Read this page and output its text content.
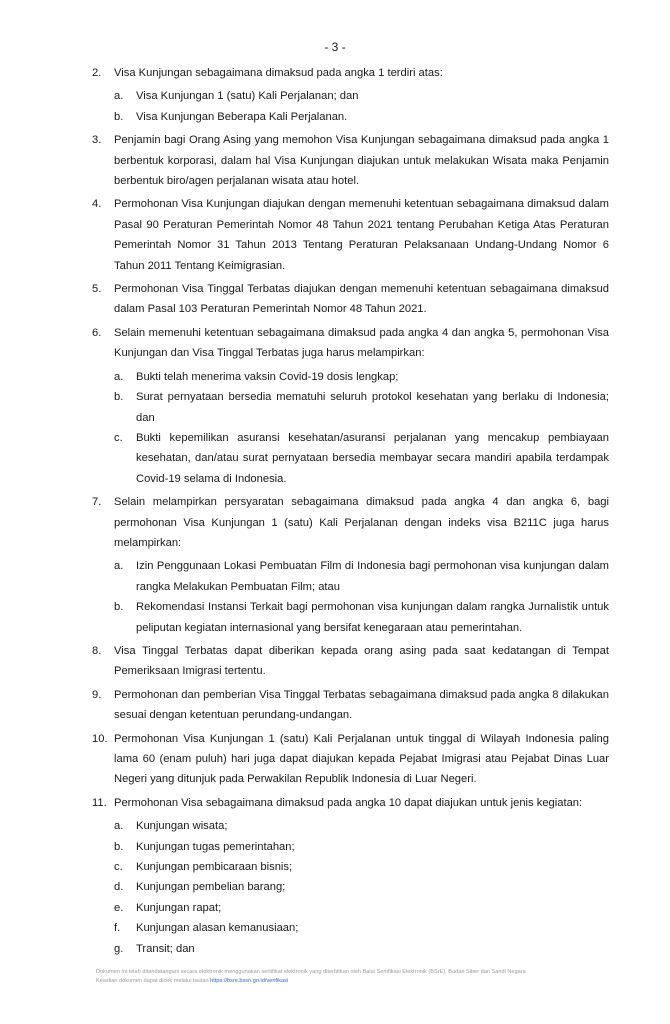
- 3 -
2.	Visa Kunjungan sebagaimana dimaksud pada angka 1 terdiri atas:
a.	Visa Kunjungan 1 (satu) Kali Perjalanan; dan
b.	Visa Kunjungan Beberapa Kali Perjalanan.
3.	Penjamin bagi Orang Asing yang memohon Visa Kunjungan sebagaimana dimaksud pada angka 1 berbentuk korporasi, dalam hal Visa Kunjungan diajukan untuk melakukan Wisata maka Penjamin berbentuk biro/agen perjalanan wisata atau hotel.
4.	Permohonan Visa Kunjungan diajukan dengan memenuhi ketentuan sebagaimana dimaksud dalam Pasal 90 Peraturan Pemerintah Nomor 48 Tahun 2021 tentang Perubahan Ketiga Atas Peraturan Pemerintah Nomor 31 Tahun 2013 Tentang Peraturan Pelaksanaan Undang-Undang Nomor 6 Tahun 2011 Tentang Keimigrasian.
5.	Permohonan Visa Tinggal Terbatas diajukan dengan memenuhi ketentuan sebagaimana dimaksud dalam Pasal 103 Peraturan Pemerintah Nomor 48 Tahun 2021.
6.	Selain memenuhi ketentuan sebagaimana dimaksud pada angka 4 dan angka 5, permohonan Visa Kunjungan dan Visa Tinggal Terbatas juga harus melampirkan:
a.	Bukti telah menerima vaksin Covid-19 dosis lengkap;
b.	Surat pernyataan bersedia mematuhi seluruh protokol kesehatan yang berlaku di Indonesia; dan
c.	Bukti kepemilikan asuransi kesehatan/asuransi perjalanan yang mencakup pembiayaan kesehatan, dan/atau surat pernyataan bersedia membayar secara mandiri apabila terdampak Covid-19 selama di Indonesia.
7.	Selain melampirkan persyaratan sebagaimana dimaksud pada angka 4 dan angka 6, bagi permohonan Visa Kunjungan 1 (satu) Kali Perjalanan dengan indeks visa B211C juga harus melampirkan:
a.	Izin Penggunaan Lokasi Pembuatan Film di Indonesia bagi permohonan visa kunjungan dalam rangka Melakukan Pembuatan Film; atau
b.	Rekomendasi Instansi Terkait bagi permohonan visa kunjungan dalam rangka Jurnalistik untuk peliputan kegiatan internasional yang bersifat kenegaraan atau pemerintahan.
8.	Visa Tinggal Terbatas dapat diberikan kepada orang asing pada saat kedatangan di Tempat Pemeriksaan Imigrasi tertentu.
9.	Permohonan dan pemberian Visa Tinggal Terbatas sebagaimana dimaksud pada angka 8 dilakukan sesuai dengan ketentuan perundang-undangan.
10. Permohonan Visa Kunjungan 1 (satu) Kali Perjalanan untuk tinggal di Wilayah Indonesia paling lama 60 (enam puluh) hari juga dapat diajukan kepada Pejabat Imigrasi atau Pejabat Dinas Luar Negeri yang ditunjuk pada Perwakilan Republik Indonesia di Luar Negeri.
11. Permohonan Visa sebagaimana dimaksud pada angka 10 dapat diajukan untuk jenis kegiatan:
a.	Kunjungan wisata;
b.	Kunjungan tugas pemerintahan;
c.	Kunjungan pembicaraan bisnis;
d.	Kunjungan pembelian barang;
e.	Kunjungan rapat;
f.	Kunjungan alasan kemanusiaan;
g.	Transit; dan
Dokumen ini telah ditandatangani secara elektronik menggunakan sertifikat elektronik yang diterbitkan oleh Balai Sertifikasi Elektronik (BSrE), Badan Siber dan Sandi Negara
Keaslian dokumen dapat dicek melalui tautan https://bsre.bssn.go.id/verifikasi
